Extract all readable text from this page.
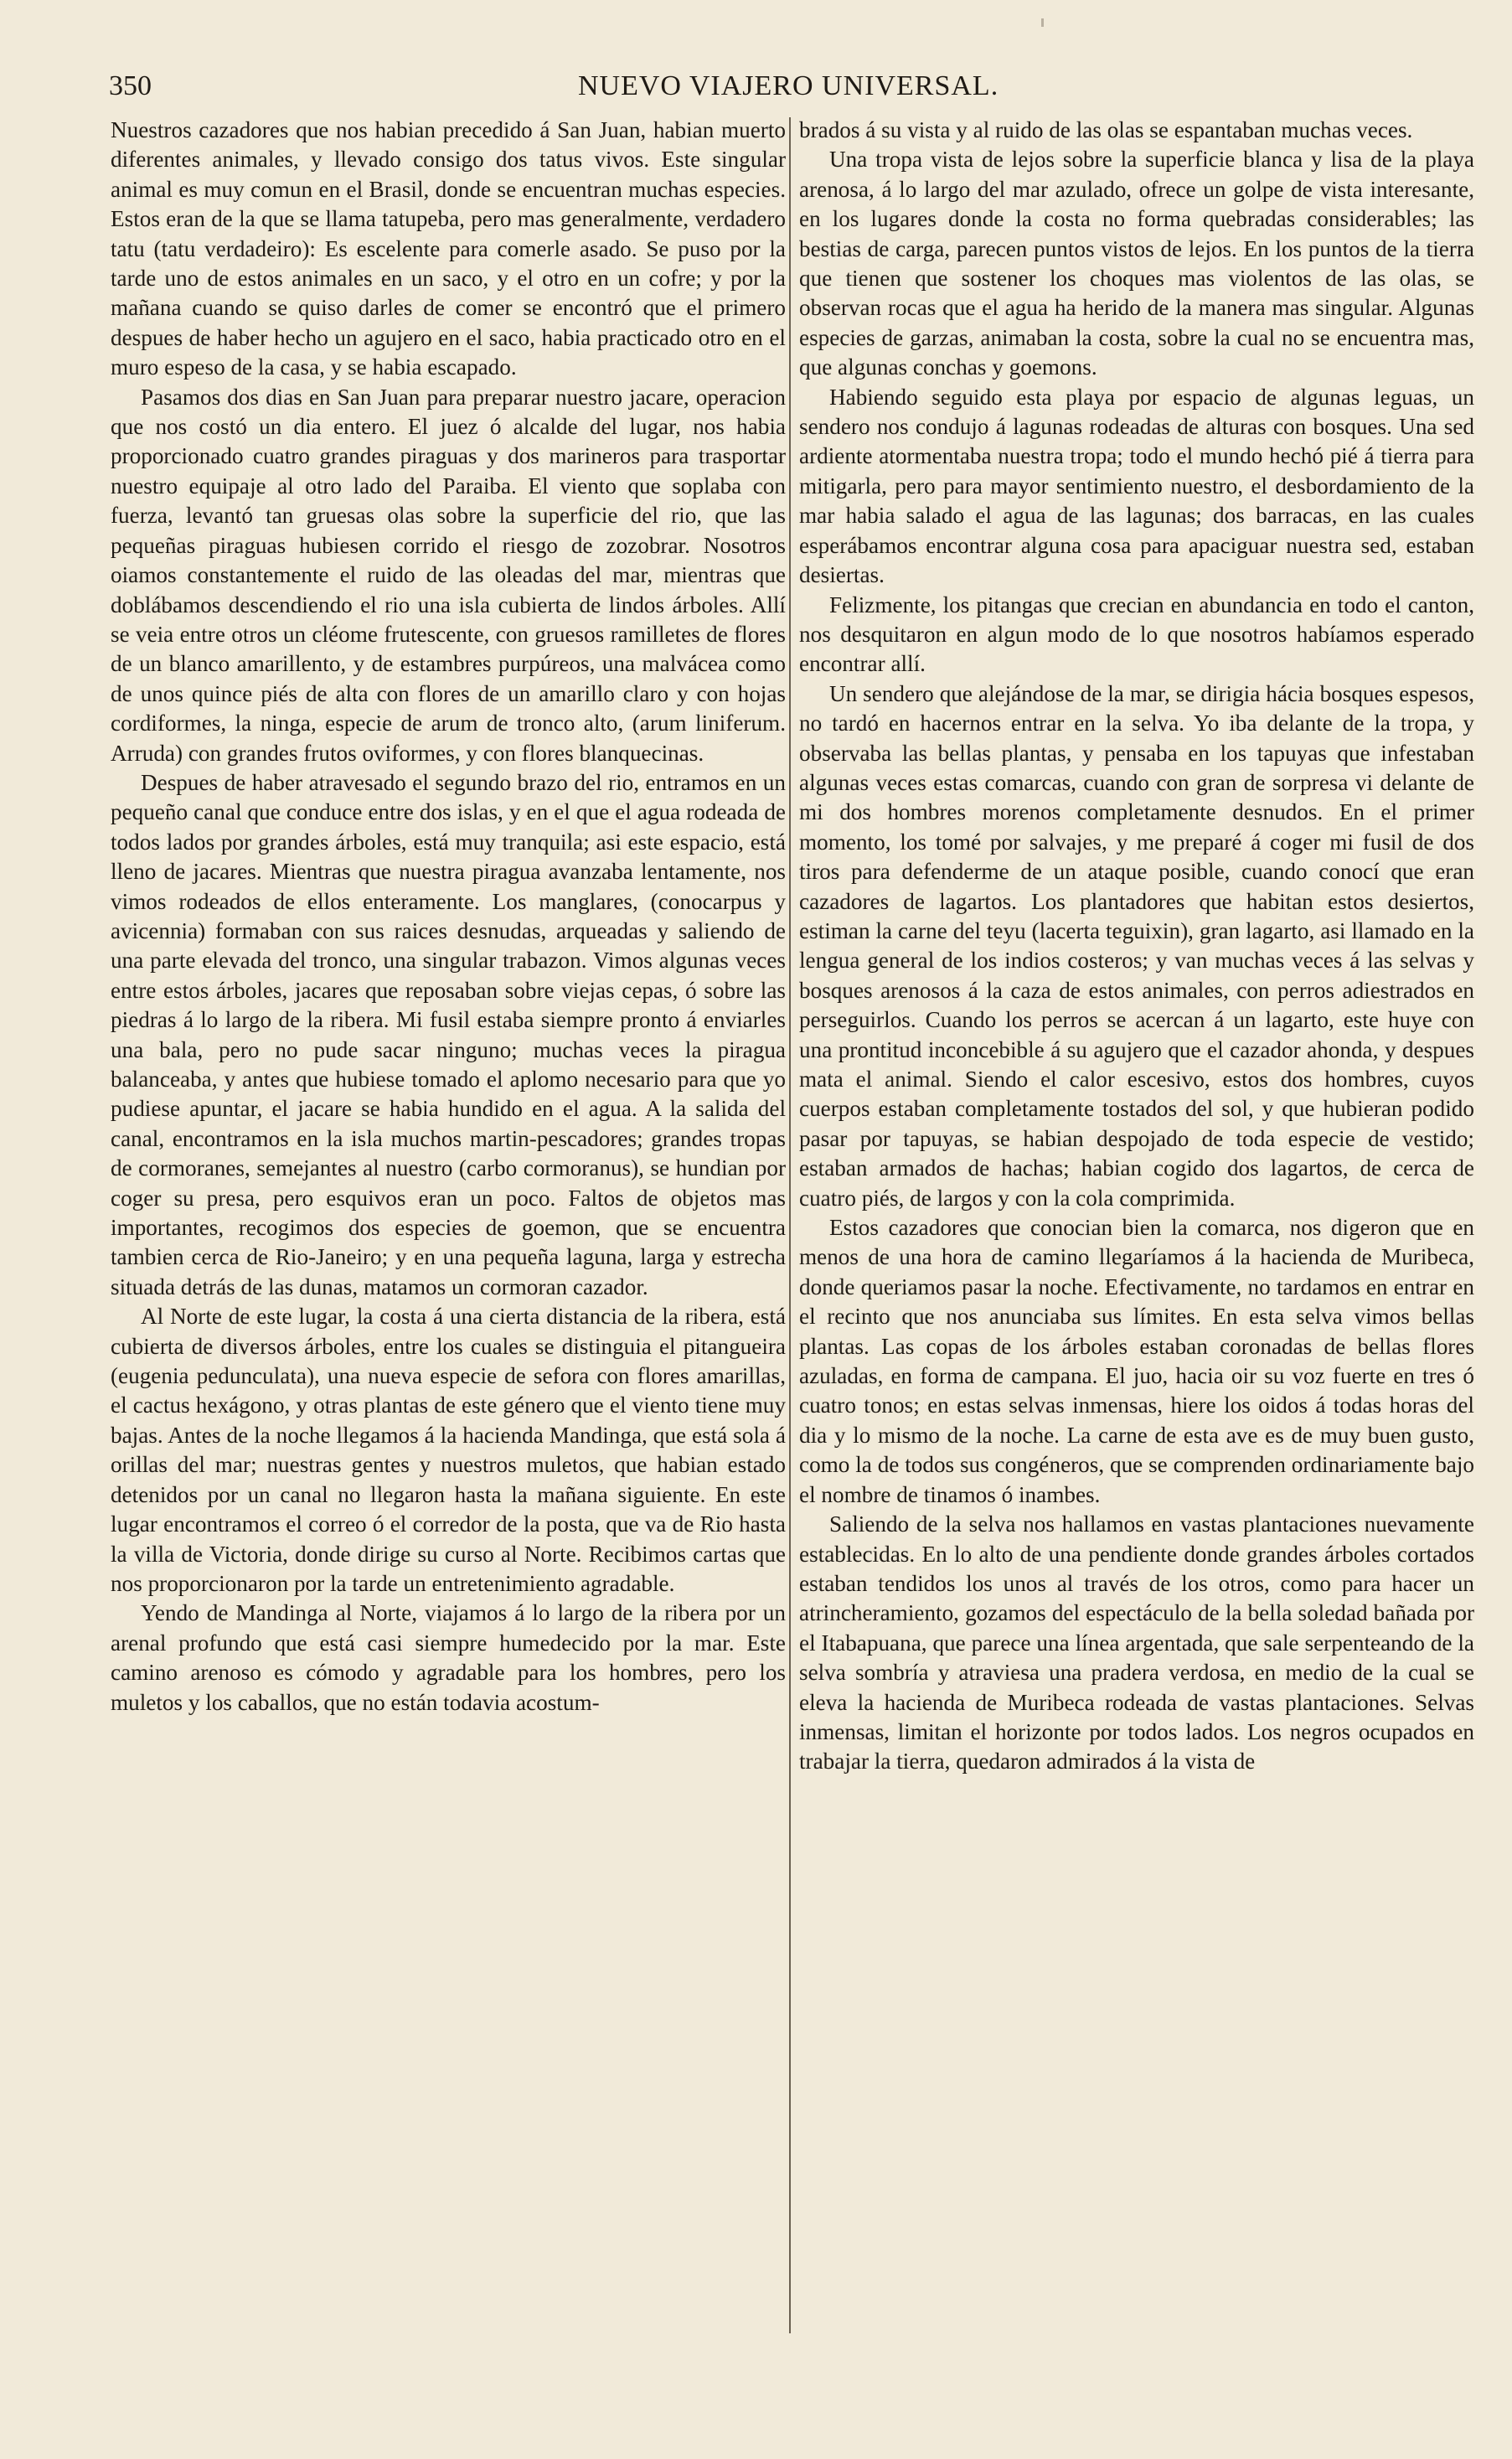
350	NUEVO VIAJERO UNIVERSAL.

Nuestros cazadores que nos habian precedido á San Juan, habian muerto diferentes animales, y llevado consigo dos tatus vivos. Este singular animal es muy comun en el Brasil, donde se encuentran muchas especies. Estos eran de la que se llama tatupeba, pero mas generalmente, verdadero tatu (tatu verdadeiro): Es escelente para comerle asado. Se puso por la tarde uno de estos animales en un saco, y el otro en un cofre; y por la mañana cuando se quiso darles de comer se encontró que el primero despues de haber hecho un agujero en el saco, habia practicado otro en el muro espeso de la casa, y se habia escapado.

Pasamos dos dias en San Juan para preparar nuestro jacare, operacion que nos costó un dia entero. El juez ó alcalde del lugar, nos habia proporcionado cuatro grandes piraguas y dos marineros para trasportar nuestro equipaje al otro lado del Paraiba. El viento que soplaba con fuerza, levantó tan gruesas olas sobre la superficie del rio, que las pequeñas piraguas hubiesen corrido el riesgo de zozobrar. Nosotros oiamos constantemente el ruido de las oleadas del mar, mientras que doblábamos descendiendo el rio una isla cubierta de lindos árboles. Allí se veia entre otros un cléome frutescente, con gruesos ramilletes de flores de un blanco amarillento, y de estambres purpúreos, una malvácea como de unos quince piés de alta con flores de un amarillo claro y con hojas cordiformes, la ninga, especie de arum de tronco alto, (arum liniferum. Arruda) con grandes frutos oviformes, y con flores blanquecinas.

Despues de haber atravesado el segundo brazo del rio, entramos en un pequeño canal que conduce entre dos islas, y en el que el agua rodeada de todos lados por grandes árboles, está muy tranquila; asi este espacio, está lleno de jacares. Mientras que nuestra piragua avanzaba lentamente, nos vimos rodeados de ellos enteramente. Los manglares, (conocarpus y avicennia) formaban con sus raices desnudas, arqueadas y saliendo de una parte elevada del tronco, una singular trabazon. Vimos algunas veces entre estos árboles, jacares que reposaban sobre viejas cepas, ó sobre las piedras á lo largo de la ribera. Mi fusil estaba siempre pronto á enviarles una bala, pero no pude sacar ninguno; muchas veces la piragua balanceaba, y antes que hubiese tomado el aplomo necesario para que yo pudiese apuntar, el jacare se habia hundido en el agua. A la salida del canal, encontramos en la isla muchos martin-pescadores; grandes tropas de cormoranes, semejantes al nuestro (carbo cormoranus), se hundian por coger su presa, pero esquivos eran un poco. Faltos de objetos mas importantes, recogimos dos especies de goemon, que se encuentra tambien cerca de Rio-Janeiro; y en una pequeña laguna, larga y estrecha situada detrás de las dunas, matamos un cormoran cazador.

Al Norte de este lugar, la costa á una cierta distancia de la ribera, está cubierta de diversos árboles, entre los cuales se distinguia el pitangueira (eugenia pedunculata), una nueva especie de sefora con flores amarillas, el cactus hexágono, y otras plantas de este género que el viento tiene muy bajas. Antes de la noche llegamos á la hacienda Mandinga, que está sola á orillas del mar; nuestras gentes y nuestros muletos, que habian estado detenidos por un canal no llegaron hasta la mañana siguiente. En este lugar encontramos el correo ó el corredor de la posta, que va de Rio hasta la villa de Victoria, donde dirige su curso al Norte. Recibimos cartas que nos proporcionaron por la tarde un entretenimiento agradable.

Yendo de Mandinga al Norte, viajamos á lo largo de la ribera por un arenal profundo que está casi siempre humedecido por la mar. Este camino arenoso es cómodo y agradable para los hombres, pero los muletos y los caballos, que no están todavia acostum-

brados á su vista y al ruido de las olas se espantaban muchas veces.

Una tropa vista de lejos sobre la superficie blanca y lisa de la playa arenosa, á lo largo del mar azulado, ofrece un golpe de vista interesante, en los lugares donde la costa no forma quebradas considerables; las bestias de carga, parecen puntos vistos de lejos. En los puntos de la tierra que tienen que sostener los choques mas violentos de las olas, se observan rocas que el agua ha herido de la manera mas singular. Algunas especies de garzas, animaban la costa, sobre la cual no se encuentra mas, que algunas conchas y goemons.

Habiendo seguido esta playa por espacio de algunas leguas, un sendero nos condujo á lagunas rodeadas de alturas con bosques. Una sed ardiente atormentaba nuestra tropa; todo el mundo hechó pié á tierra para mitigarla, pero para mayor sentimiento nuestro, el desbordamiento de la mar habia salado el agua de las lagunas; dos barracas, en las cuales esperábamos encontrar alguna cosa para apaciguar nuestra sed, estaban desiertas.

Felizmente, los pitangas que crecian en abundancia en todo el canton, nos desquitaron en algun modo de lo que nosotros habíamos esperado encontrar allí.

Un sendero que alejándose de la mar, se dirigia hácia bosques espesos, no tardó en hacernos entrar en la selva. Yo iba delante de la tropa, y observaba las bellas plantas, y pensaba en los tapuyas que infestaban algunas veces estas comarcas, cuando con gran de sorpresa vi delante de mi dos hombres morenos completamente desnudos. En el primer momento, los tomé por salvajes, y me preparé á coger mi fusil de dos tiros para defenderme de un ataque posible, cuando conocí que eran cazadores de lagartos. Los plantadores que habitan estos desiertos, estiman la carne del teyu (lacerta teguixin), gran lagarto, asi llamado en la lengua general de los indios costeros; y van muchas veces á las selvas y bosques arenosos á la caza de estos animales, con perros adiestrados en perseguirlos. Cuando los perros se acercan á un lagarto, este huye con una prontitud inconcebible á su agujero que el cazador ahonda, y despues mata el animal. Siendo el calor escesivo, estos dos hombres, cuyos cuerpos estaban completamente tostados del sol, y que hubieran podido pasar por tapuyas, se habian despojado de toda especie de vestido; estaban armados de hachas; habian cogido dos lagartos, de cerca de cuatro piés, de largos y con la cola comprimida.

Estos cazadores que conocian bien la comarca, nos digeron que en menos de una hora de camino llegaríamos á la hacienda de Muribeca, donde queriamos pasar la noche. Efectivamente, no tardamos en entrar en el recinto que nos anunciaba sus límites. En esta selva vimos bellas plantas. Las copas de los árboles estaban coronadas de bellas flores azuladas, en forma de campana. El juo, hacia oir su voz fuerte en tres ó cuatro tonos; en estas selvas inmensas, hiere los oidos á todas horas del dia y lo mismo de la noche. La carne de esta ave es de muy buen gusto, como la de todos sus congéneros, que se comprenden ordinariamente bajo el nombre de tinamos ó inambes.

Saliendo de la selva nos hallamos en vastas plantaciones nuevamente establecidas. En lo alto de una pendiente donde grandes árboles cortados estaban tendidos los unos al través de los otros, como para hacer un atrincheramiento, gozamos del espectáculo de la bella soledad bañada por el Itabapuana, que parece una línea argentada, que sale serpenteando de la selva sombría y atraviesa una pradera verdosa, en medio de la cual se eleva la hacienda de Muribeca rodeada de vastas plantaciones. Selvas inmensas, limitan el horizonte por todos lados. Los negros ocupados en trabajar la tierra, quedaron admirados á la vista de
